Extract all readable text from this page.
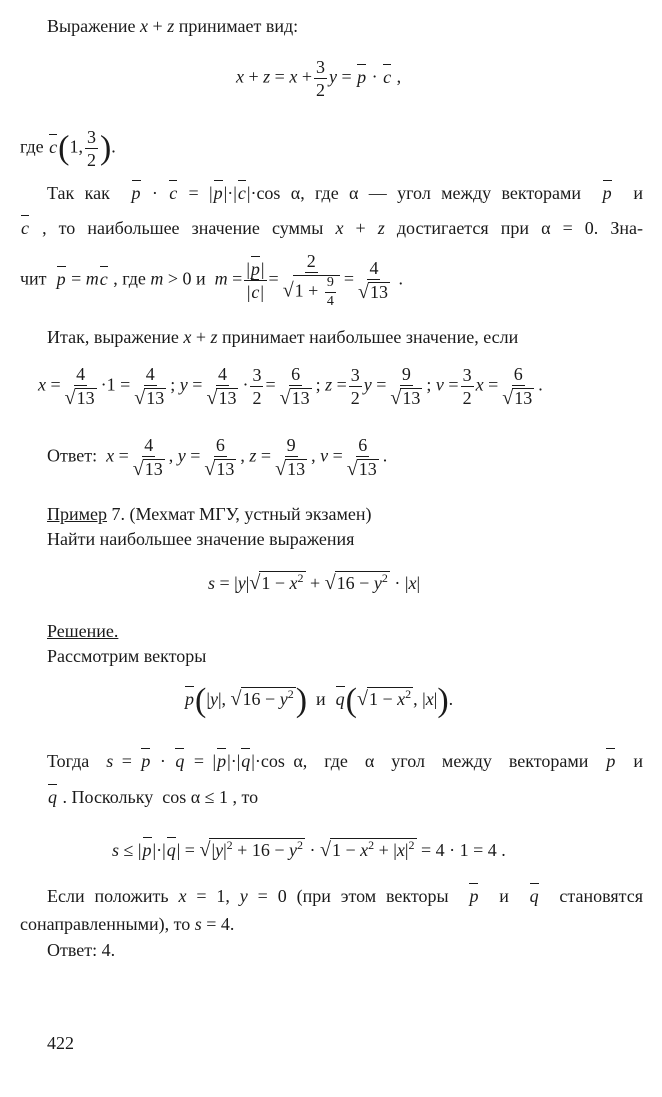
Выражение x + z принимает вид:
$x + z = x + \frac{3}{2}$ y = p · c ,
где c(1, $\frac{3}{2}$ ).
Так как  p · c = |p|·|c|·cos α, где α — угол между векторами  p  и
c , то наибольшее значение суммы x + z достигается при α = 0. Зна-
чит  p = mc , где m > 0 и  $m = \frac{|p|}{|c|} = \frac{2}{√1 + \frac{9}{4}} = \frac{4}{√13}$ .
Итак, выражение x + z принимает наибольшее значение, если
$x = \frac{4}{√13} \cdot 1 = \frac{4}{√13}$ ; $y = \frac{4}{√13} \cdot \frac{3}{2} = \frac{6}{√13}$ ; $z = \frac{3}{2}$ $y = \frac{9}{√13}$ ; $v = \frac{3}{2}$ $x = \frac{6}{√13}$ .
Ответ:  $x = \frac{4}{√13}$ , $y = \frac{6}{√13}$ , $z = \frac{9}{√13}$ , $v = \frac{6}{√13}$ .
Пример 7. (Мехмат МГУ, устный экзамен)
Найти наибольшее значение выражения
$s = |y|√1 - x^2 + √16 - y^2 \cdot |x|$
Решение.
Рассмотрим векторы
p(|y|, $√16 - y^2$)  и  $q(√1 - x^2$ , |x|).
Тогда  s = p · q = |p|·|q|·cos α,  где  α  угол  между  векторами  p  и
q . Поскольку  cos α ≤ 1 , то
$s \le |p|\cdot|q| = √|y|^2 + 16 - y^2 \cdot √1 - x^2 + |x|^2 = 4 \cdot 1 = 4$ .
Если положить x = 1, y = 0 (при этом векторы  p  и  q  становятся
сонаправленными), то s = 4.
Ответ: 4.
422
